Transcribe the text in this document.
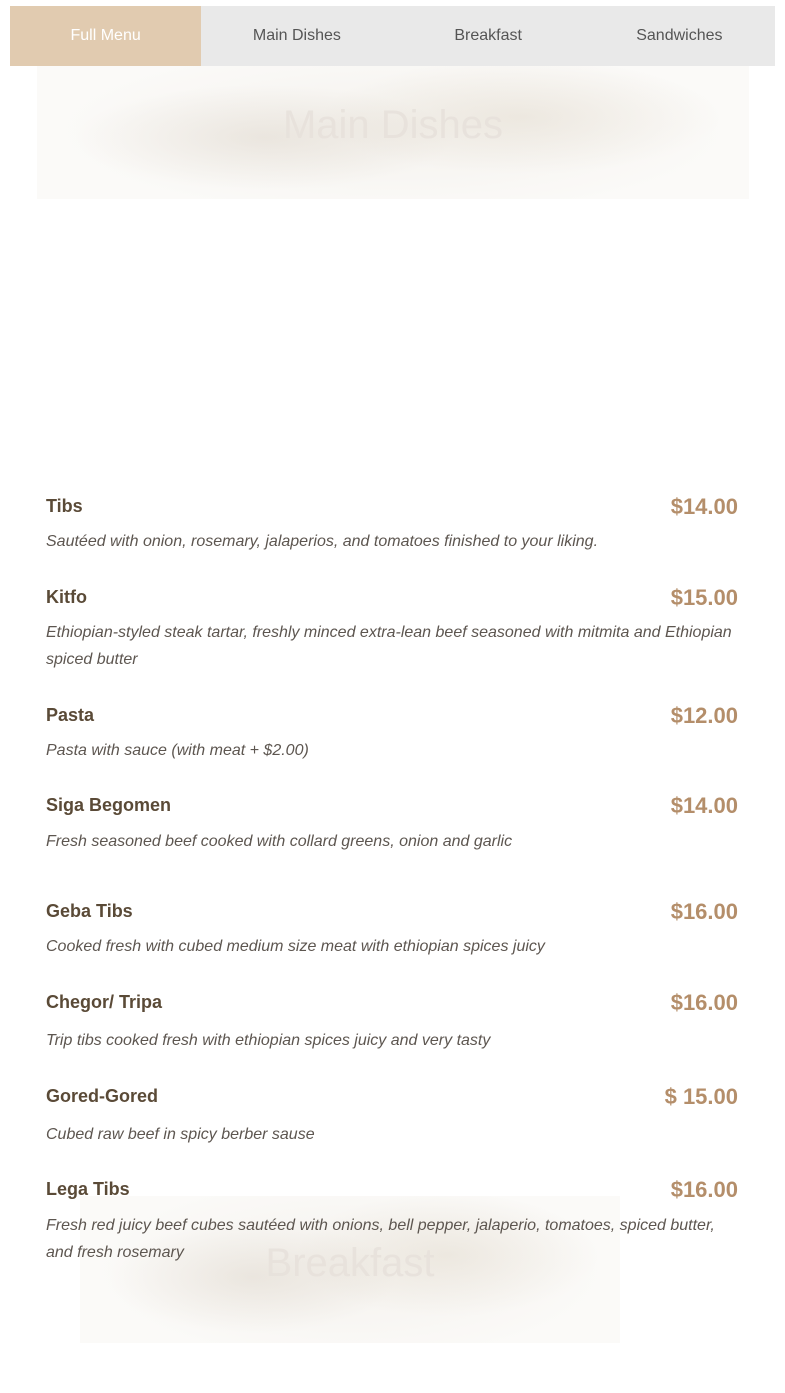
Full Menu	Main Dishes	Breakfast	Sandwiches
Main Dishes
Breakfast
Tibs	$14.00
Sautéed with onion, rosemary, jalaperios, and tomatoes finished to your liking.
Kitfo	$15.00
Ethiopian-styled steak tartar, freshly minced extra-lean beef seasoned with mitmita and Ethiopian spiced butter
Pasta	$12.00
Pasta with sauce (with meat + $2.00)
Siga Begomen	$14.00
Fresh seasoned beef cooked with collard greens, onion and garlic
Geba Tibs	$16.00
Cooked fresh with cubed medium size meat with ethiopian spices juicy
Chegor/ Tripa	$16.00
Trip tibs cooked fresh with ethiopian spices juicy and very tasty
Gored-Gored	$ 15.00
Cubed raw beef in spicy berber sause
Lega Tibs	$16.00
Fresh red juicy beef cubes sautéed with onions, bell pepper, jalaperio, tomatoes, spiced butter, and fresh rosemary
